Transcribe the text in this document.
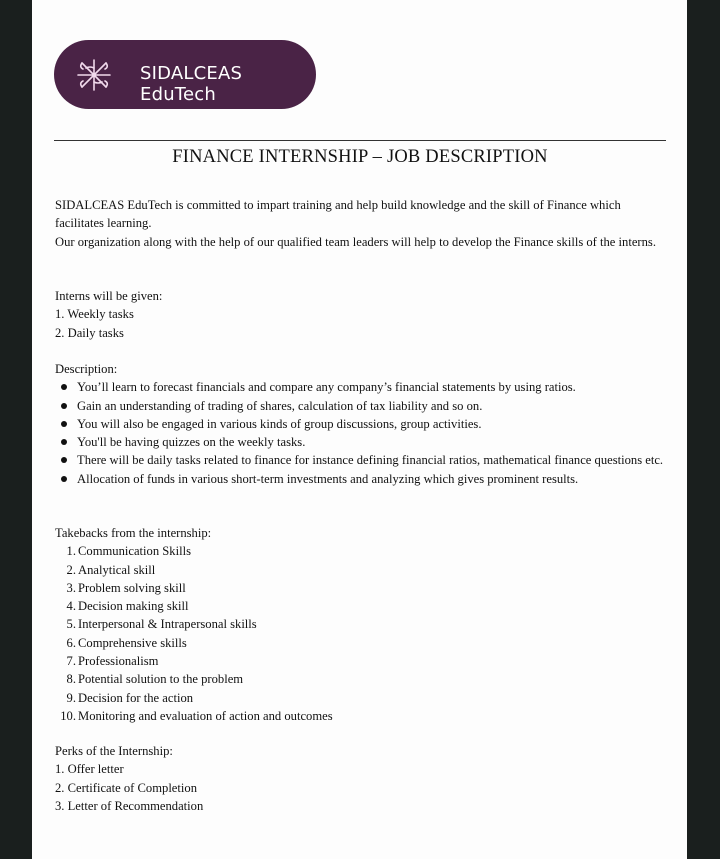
SIDALCEAS EduTech
FINANCE INTERNSHIP – JOB DESCRIPTION

SIDALCEAS EduTech is committed to impart training and help build knowledge and the skill of Finance which facilitates learning.

Our organization along with the help of our qualified team leaders will help to develop the Finance skills of the interns.

Interns will be given:

1. Weekly tasks

2. Daily tasks

Description:

You’ll learn to forecast financials and compare any company’s financial statements by using ratios.
Gain an understanding of trading of shares, calculation of tax liability and so on.
You will also be engaged in various kinds of group discussions, group activities.
You'll be having quizzes on the weekly tasks.
There will be daily tasks related to finance for instance defining financial ratios, mathematical finance questions etc.
Allocation of funds in various short-term investments and analyzing which gives prominent results.

Takebacks from the internship:

1. Communication Skills
2. Analytical skill
3. Problem solving skill
4. Decision making skill
5. Interpersonal & Intrapersonal skills
6. Comprehensive skills
7. Professionalism
8. Potential solution to the problem
9. Decision for the action
10. Monitoring and evaluation of action and outcomes

Perks of the Internship:

1. Offer letter

2. Certificate of Completion

3. Letter of Recommendation
